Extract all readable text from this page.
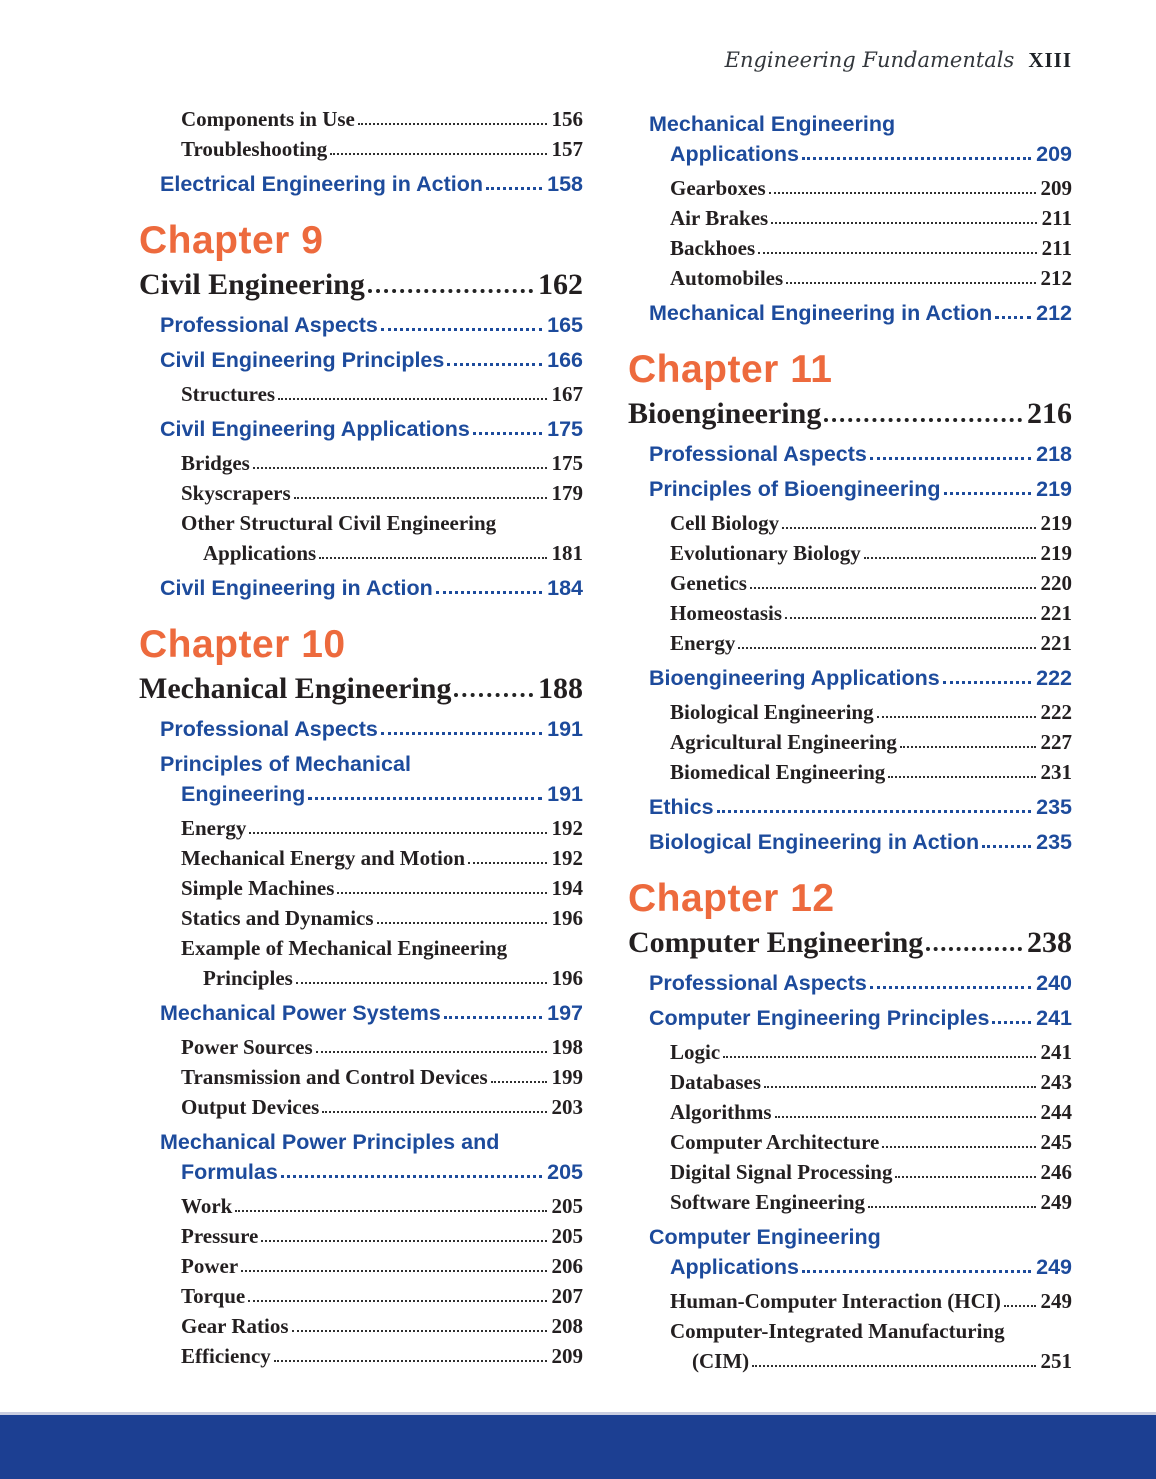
Engineering Fundamentals XIII
Components in Use	156
Troubleshooting	157
Electrical Engineering in Action	158
Chapter 9
Civil Engineering	162
Professional Aspects	165
Civil Engineering Principles	166
Structures	167
Civil Engineering Applications	175
Bridges	175
Skyscrapers	179
Other Structural Civil Engineering
Applications	181
Civil Engineering in Action	184
Chapter 10
Mechanical Engineering	188
Professional Aspects	191
Principles of Mechanical
Engineering	191
Energy	192
Mechanical Energy and Motion	192
Simple Machines	194
Statics and Dynamics	196
Example of Mechanical Engineering
Principles	196
Mechanical Power Systems	197
Power Sources	198
Transmission and Control Devices	199
Output Devices	203
Mechanical Power Principles and
Formulas	205
Work	205
Pressure	205
Power	206
Torque	207
Gear Ratios	208
Efficiency	209
Mechanical Engineering
Applications	209
Gearboxes	209
Air Brakes	211
Backhoes	211
Automobiles	212
Mechanical Engineering in Action 212
Chapter 11
Bioengineering	216
Professional Aspects	218
Principles of Bioengineering	219
Cell Biology	219
Evolutionary Biology	219
Genetics	220
Homeostasis	221
Energy	221
Bioengineering Applications	222
Biological Engineering	222
Agricultural Engineering	227
Biomedical Engineering	231
Ethics	235
Biological Engineering in Action	235
Chapter 12
Computer Engineering	238
Professional Aspects	240
Computer Engineering Principles 241
Logic	241
Databases	243
Algorithms	244
Computer Architecture	245
Digital Signal Processing	246
Software Engineering	249
Computer Engineering
Applications	249
Human-Computer Interaction (HCI) 249
Computer-Integrated Manufacturing
(CIM)	251
